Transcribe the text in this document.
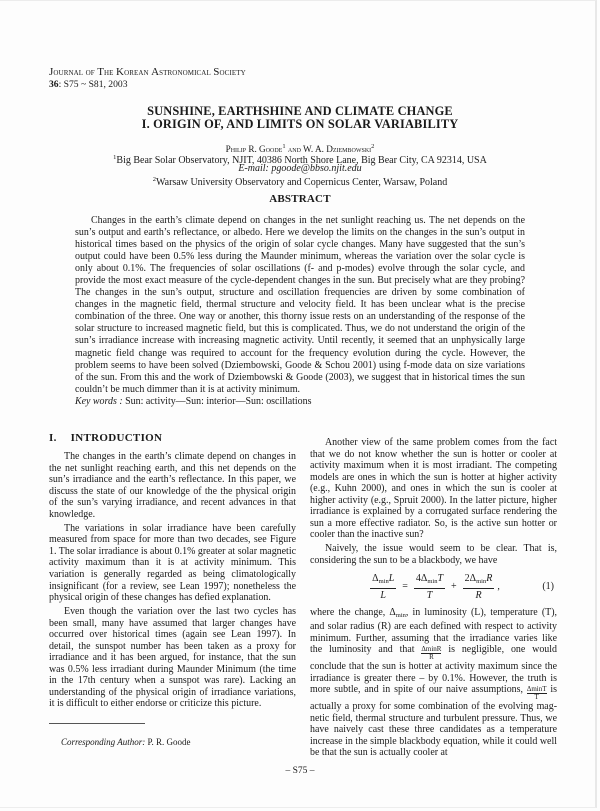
Journal of The Korean Astronomical Society
36: S75 ~ S81, 2003
SUNSHINE, EARTHSHINE AND CLIMATE CHANGE
I. ORIGIN OF, AND LIMITS ON SOLAR VARIABILITY
Philip R. Goode$^1$ and W. A. Dziembowski$^2$
$^1$Big Bear Solar Observatory, NJIT, 40386 North Shore Lane, Big Bear City, CA 92314, USA
E-mail: pgoode@bbso.njit.edu
$^2$Warsaw University Observatory and Copernicus Center, Warsaw, Poland
ABSTRACT

Changes in the earth’s climate depend on changes in the net sunlight reaching us. The net depends on the sun’s output and earth’s reflectance, or albedo. Here we develop the limits on the changes in the sun’s output in historical times based on the physics of the origin of solar cycle changes. Many have suggested that the sun’s output could have been 0.5% less during the Maunder minimum, whereas the variation over the solar cycle is only about 0.1%. The frequencies of solar oscillations (f- and p-modes) evolve through the solar cycle, and provide the most exact measure of the cycle-dependent changes in the sun. But precisely what are they probing? The changes in the sun’s output, structure and oscillation frequencies are driven by some combination of changes in the magnetic field, thermal structure and velocity field. It has been unclear what is the precise combination of the three. One way or another, this thorny issue rests on an understanding of the response of the solar structure to increased magnetic field, but this is complicated. Thus, we do not understand the origin of the sun’s irradiance increase with increasing magnetic activity. Until recently, it seemed that an unphysically large magnetic field change was required to account for the frequency evolution during the cycle. However, the problem seems to have been solved (Dziembowski, Goode & Schou 2001) using f-mode data on size variations of the sun. From this and the work of Dziembowski & Goode (2003), we suggest that in historical times the sun couldn’t be much dimmer than it is at activity minimum.

Key words : Sun: activity—Sun: interior—Sun: oscillations
I. INTRODUCTION

The changes in the earth’s climate depend on changes in the net sunlight reaching earth, and this net depends on the sun’s irradiance and the earth’s reflectance. In this paper, we discuss the state of our knowledge of the the physical origin of the sun’s varying irradiance, and recent advances in that knowledge.

The variations in solar irradiance have been carefully measured from space for more than two decades, see Figure 1. The solar irradiance is about 0.1% greater at solar magnetic activity maximum than it is at activity minimum. This variation is generally regarded as being climatologically insignificant (for a review, see Lean 1997); nonetheless the physical origin of these changes has defied explanation.

Even though the variation over the last two cycles has been small, many have assumed that larger changes have occurred over historical times (again see Lean 1997). In detail, the sunspot number has been taken as a proxy for irradiance and it has been argued, for instance, that the sun was 0.5% less irradiant during Maunder Minimum (the time in the 17th century when a sunspot was rare). Lacking an understanding of the physical origin of irradiance variations, it is difficult to either endorse or criticize this picture.

Another view of the same problem comes from the fact that we do not know whether the sun is hotter or cooler at activity maximum when it is most irradiant. The competing models are ones in which the sun is hotter at higher activity (e.g., Kuhn 2000), and ones in which the sun is cooler at higher activity (e.g., Spruit 2000). In the latter picture, higher irradiance is explained by a corrugated surface rendering the sun a more effective radiator. So, is the active sun hotter or cooler than the inactive sun?

Naively, the issue would seem to be clear. That is, considering the sun to be a blackbody, we have

$\frac{\Delta_{min}L}{L} = \frac{4\Delta_{min}T}{T} + \frac{2\Delta_{min}R}{R}$ ,	(1)

where the change, $\Delta_{min}$, in luminosity (L), temperature (T), and solar radius (R) are each defined with respect to activity minimum. Further, assuming that the irradiance varies like the luminosity and that $\frac{\Delta\min R}{R}$ is negligible, one would conclude that the sun is hotter at activity maximum since the irradiance is greater there – by 0.1%. However, the truth is more subtle, and in spite of our naive assumptions, $\frac{\Delta\min T}{T}$ is actually a proxy for some combination of the evolving magnetic field, thermal structure and turbulent pressure. Thus, we have naively cast these three candidates as a temperature increase in the simple blackbody equation, while it could well be that the sun is actually cooler at

Corresponding Author: P. R. Goode
– S75 –
